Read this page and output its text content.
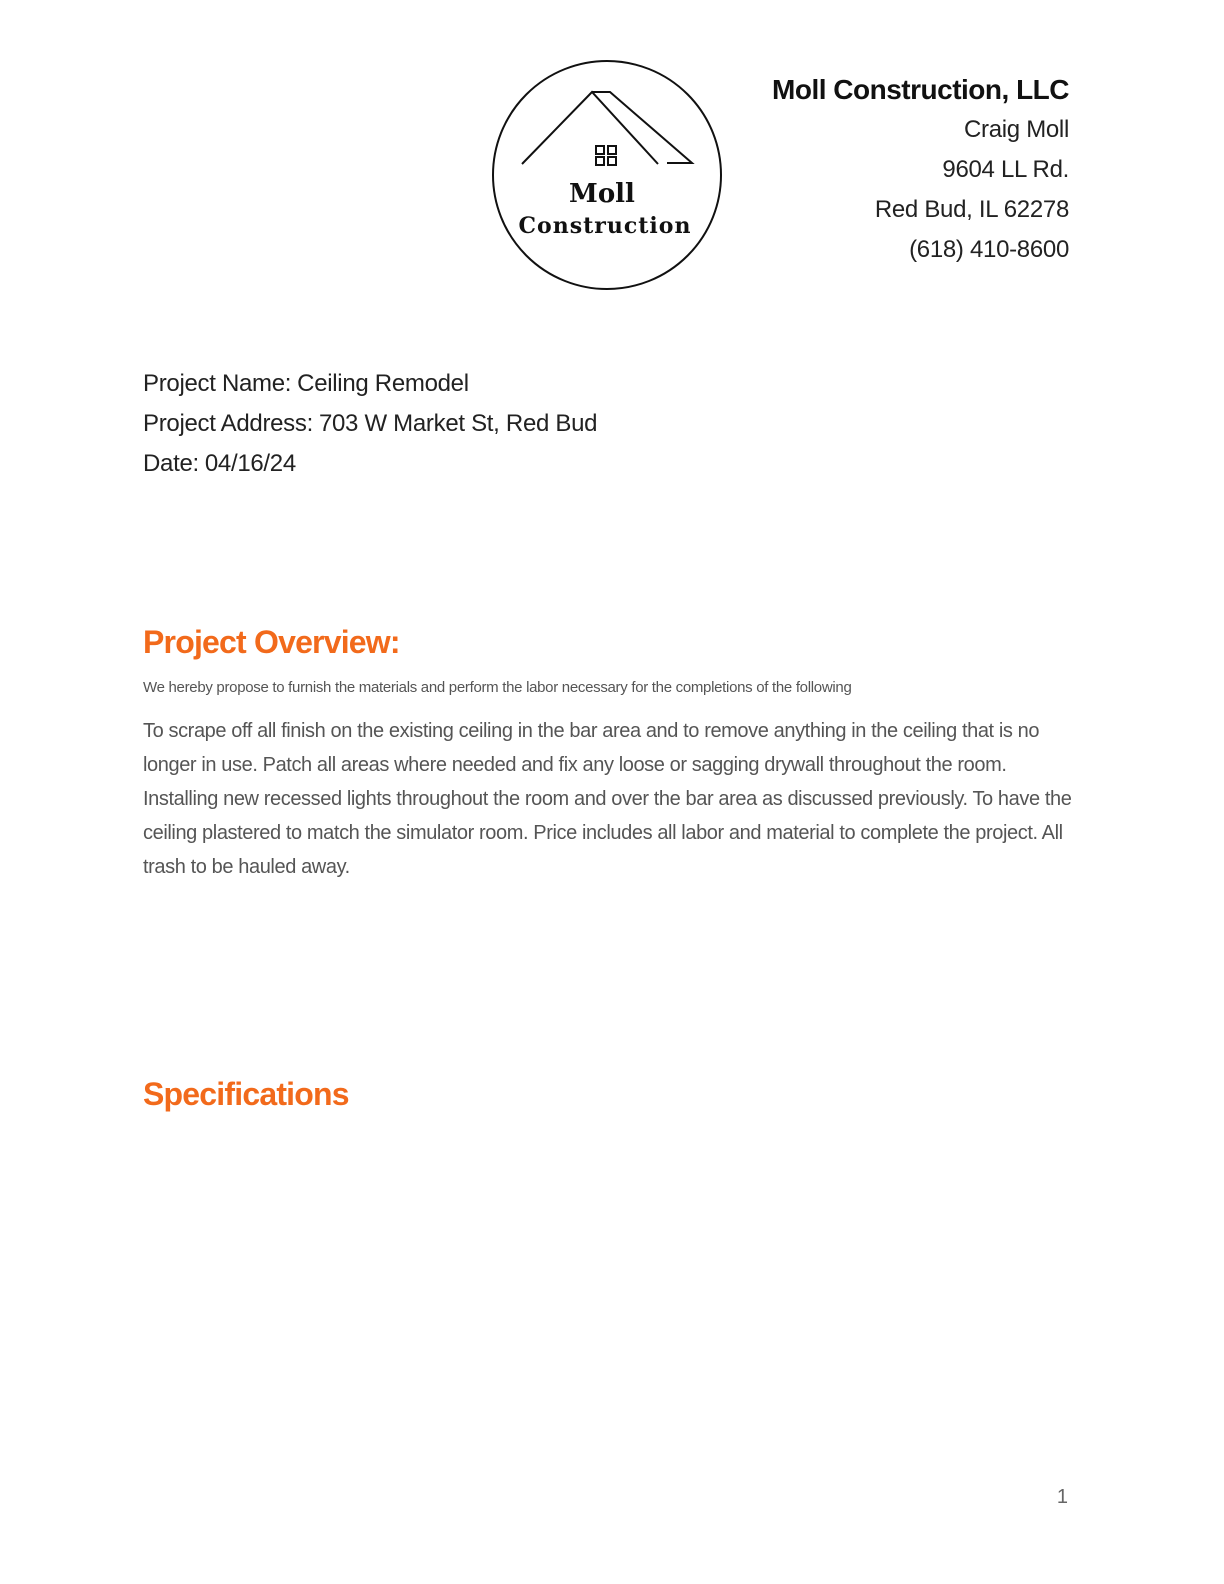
Moll
Construction
Moll Construction, LLC
Craig Moll
9604 LL Rd.
Red Bud, IL 62278
(618) 410-8600
Project Name: Ceiling Remodel
Project Address: 703 W Market St, Red Bud
Date: 04/16/24
Project Overview:
We hereby propose to furnish the materials and perform the labor necessary for the completions of the following
To scrape off all finish on the existing ceiling in the bar area and to remove anything in the ceiling that is no longer in use. Patch all areas where needed and fix any loose or sagging drywall throughout the room. Installing new recessed lights throughout the room and over the bar area as discussed previously. To have the ceiling plastered to match the simulator room. Price includes all labor and material to complete the project. All trash to be hauled away.
Specifications
1
